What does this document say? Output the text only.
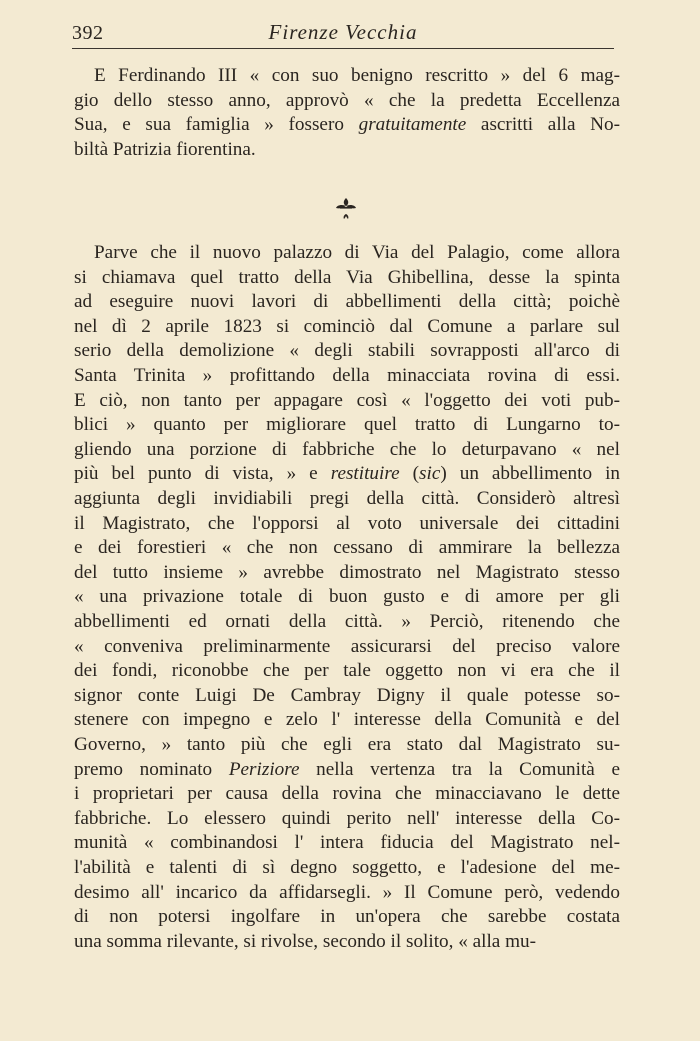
392	Firenze Vecchia
E Ferdinando III « con suo benigno rescritto » del 6 mag-
gio dello stesso anno, approvò « che la predetta Eccellenza
Sua, e sua famiglia » fossero gratuitamente ascritti alla No-
biltà Patrizia fiorentina.
Parve che il nuovo palazzo di Via del Palagio, come allora
si chiamava quel tratto della Via Ghibellina, desse la spinta
ad eseguire nuovi lavori di abbellimenti della città; poichè
nel dì 2 aprile 1823 si cominciò dal Comune a parlare sul
serio della demolizione « degli stabili sovrapposti all'arco di
Santa Trinita » profittando della minacciata rovina di essi.
E ciò, non tanto per appagare così « l'oggetto dei voti pub-
blici » quanto per migliorare quel tratto di Lungarno to-
gliendo una porzione di fabbriche che lo deturpavano « nel
più bel punto di vista, » e restituire (sic) un abbellimento in
aggiunta degli invidiabili pregi della città. Considerò altresì
il Magistrato, che l'opporsi al voto universale dei cittadini
e dei forestieri « che non cessano di ammirare la bellezza
del tutto insieme » avrebbe dimostrato nel Magistrato stesso
« una privazione totale di buon gusto e di amore per gli
abbellimenti ed ornati della città. » Perciò, ritenendo che
« conveniva preliminarmente assicurarsi del preciso valore
dei fondi, riconobbe che per tale oggetto non vi era che il
signor conte Luigi De Cambray Digny il quale potesse so-
stenere con impegno e zelo l' interesse della Comunità e del
Governo, » tanto più che egli era stato dal Magistrato su-
premo nominato Periziore nella vertenza tra la Comunità e
i proprietari per causa della rovina che minacciavano le dette
fabbriche. Lo elessero quindi perito nell' interesse della Co-
munità « combinandosi l' intera fiducia del Magistrato nel-
l'abilità e talenti di sì degno soggetto, e l'adesione del me-
desimo all' incarico da affidarsegli. » Il Comune però, vedendo
di non potersi ingolfare in un'opera che sarebbe costata
una somma rilevante, si rivolse, secondo il solito, « alla mu-
